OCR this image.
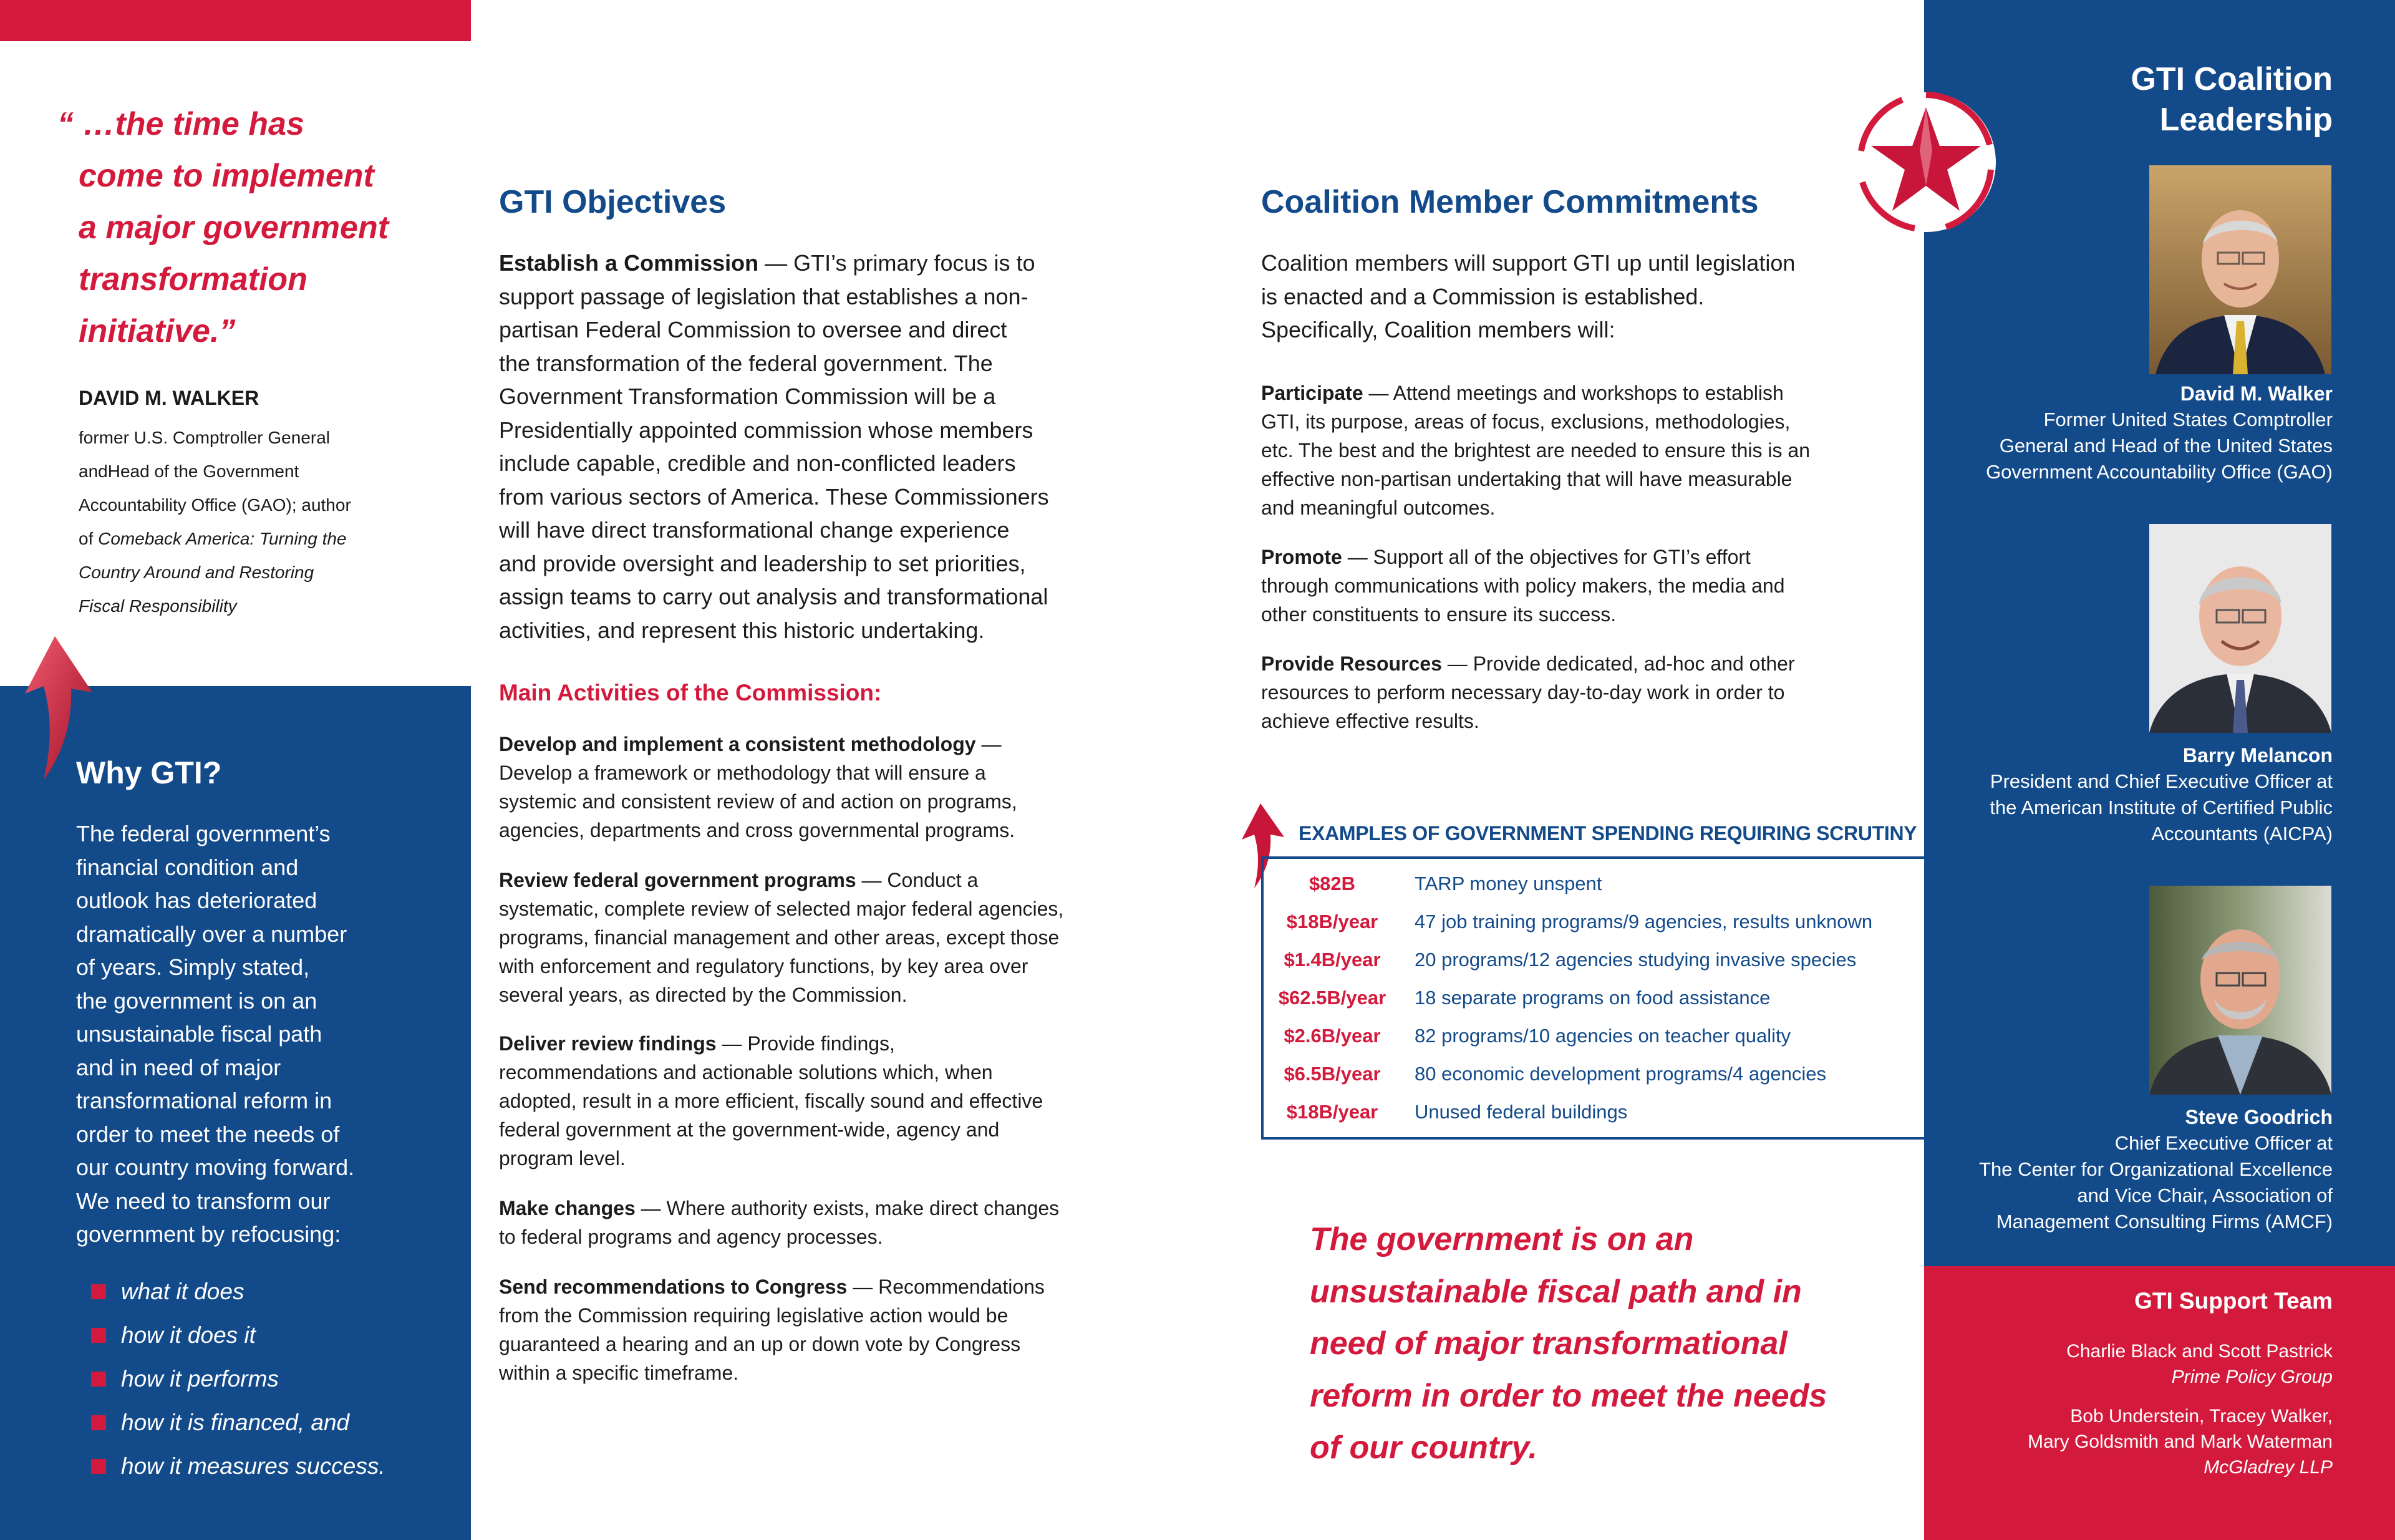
“ …the time has
come to implement
a major government
transformation
initiative.”
DAVID M. WALKER
former U.S. Comptroller General
andHead of the Government
Accountability Office (GAO); author
of Comeback America: Turning the
Country Around and Restoring
Fiscal Responsibility
Why GTI?
The federal government’s
financial condition and
outlook has deteriorated
dramatically over a number
of years. Simply stated,
the government is on an
unsustainable fiscal path
and in need of major
transformational reform in
order to meet the needs of
our country moving forward.
We need to transform our
government by refocusing:
what it does
how it does it
how it performs
how it is financed, and
how it measures success.
GTI Objectives
Establish a Commission — GTI’s primary focus is to
support passage of legislation that establishes a non-
partisan Federal Commission to oversee and direct
the transformation of the federal government. The
Government Transformation Commission will be a
Presidentially appointed commission whose members
include capable, credible and non-conflicted leaders
from various sectors of America. These Commissioners
will have direct transformational change experience
and provide oversight and leadership to set priorities,
assign teams to carry out analysis and transformational
activities, and represent this historic undertaking.
Main Activities of the Commission:
Develop and implement a consistent methodology —
Develop a framework or methodology that will ensure a
systemic and consistent review of and action on programs,
agencies, departments and cross governmental programs.
Review federal government programs — Conduct a
systematic, complete review of selected major federal agencies,
programs, financial management and other areas, except those
with enforcement and regulatory functions, by key area over
several years, as directed by the Commission.
Deliver review findings — Provide findings,
recommendations and actionable solutions which, when
adopted, result in a more efficient, fiscally sound and effective
federal government at the government-wide, agency and
program level.
Make changes — Where authority exists, make direct changes
to federal programs and agency processes.
Send recommendations to Congress — Recommendations
from the Commission requiring legislative action would be
guaranteed a hearing and an up or down vote by Congress
within a specific timeframe.
Coalition Member Commitments
Coalition members will support GTI up until legislation
is enacted and a Commission is established.
Specifically, Coalition members will:
Participate — Attend meetings and workshops to establish
GTI, its purpose, areas of focus, exclusions, methodologies,
etc. The best and the brightest are needed to ensure this is an
effective non-partisan undertaking that will have measurable
and meaningful outcomes.
Promote — Support all of the objectives for GTI’s effort
through communications with policy makers, the media and
other constituents to ensure its success.
Provide Resources — Provide dedicated, ad-hoc and other
resources to perform necessary day-to-day work in order to
achieve effective results.
EXAMPLES OF GOVERNMENT SPENDING REQUIRING SCRUTINY
$82B	TARP money unspent
$18B/year	47 job training programs/9 agencies, results unknown
$1.4B/year	20 programs/12 agencies studying invasive species
$62.5B/year	18 separate programs on food assistance
$2.6B/year	82 programs/10 agencies on teacher quality
$6.5B/year	80 economic development programs/4 agencies
$18B/year	Unused federal buildings
The government is on an
unsustainable fiscal path and in
need of major transformational
reform in order to meet the needs
of our country.
GTI Coalition
Leadership
David M. Walker
Former United States Comptroller
General and Head of the United States
Government Accountability Office (GAO)
Barry Melancon
President and Chief Executive Officer at
the American Institute of Certified Public
Accountants (AICPA)
Steve Goodrich
Chief Executive Officer at
The Center for Organizational Excellence
and Vice Chair, Association of
Management Consulting Firms (AMCF)
GTI Support Team
Charlie Black and Scott Pastrick
Prime Policy Group
Bob Understein, Tracey Walker,
Mary Goldsmith and Mark Waterman
McGladrey LLP
